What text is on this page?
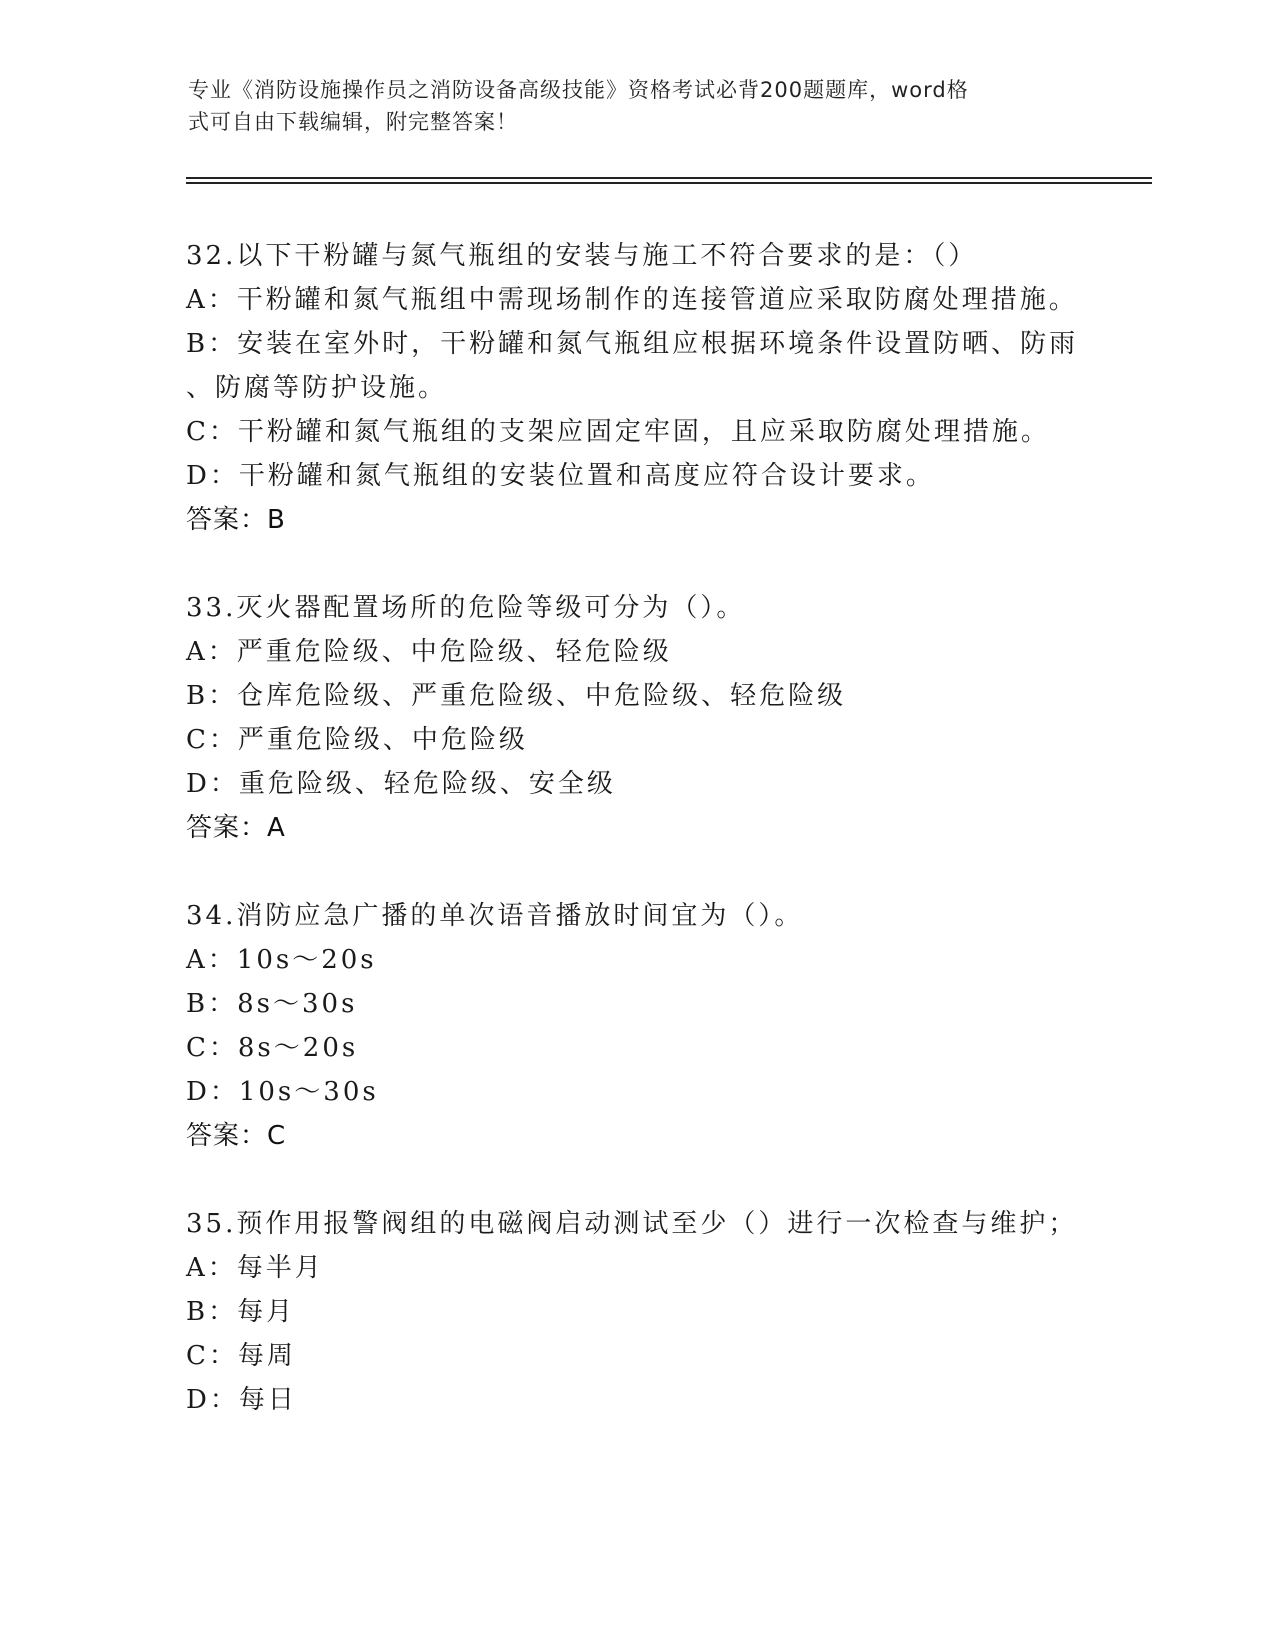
专业《消防设施操作员之消防设备高级技能》资格考试必背200题题库，word格
式可自由下载编辑，附完整答案！
32.以下干粉罐与氮气瓶组的安装与施工不符合要求的是：（）
A：干粉罐和氮气瓶组中需现场制作的连接管道应采取防腐处理措施。
B：安装在室外时，干粉罐和氮气瓶组应根据环境条件设置防晒、防雨
、防腐等防护设施。
C：干粉罐和氮气瓶组的支架应固定牢固，且应采取防腐处理措施。
D：干粉罐和氮气瓶组的安装位置和高度应符合设计要求。
答案：B
33.灭火器配置场所的危险等级可分为（）。
A：严重危险级、中危险级、轻危险级
B：仓库危险级、严重危险级、中危险级、轻危险级
C：严重危险级、中危险级
D：重危险级、轻危险级、安全级
答案：A
34.消防应急广播的单次语音播放时间宜为（）。
A：10s～20s
B：8s～30s
C：8s～20s
D：10s～30s
答案：C
35.预作用报警阀组的电磁阀启动测试至少（）进行一次检查与维护；
A：每半月
B：每月
C：每周
D：每日
